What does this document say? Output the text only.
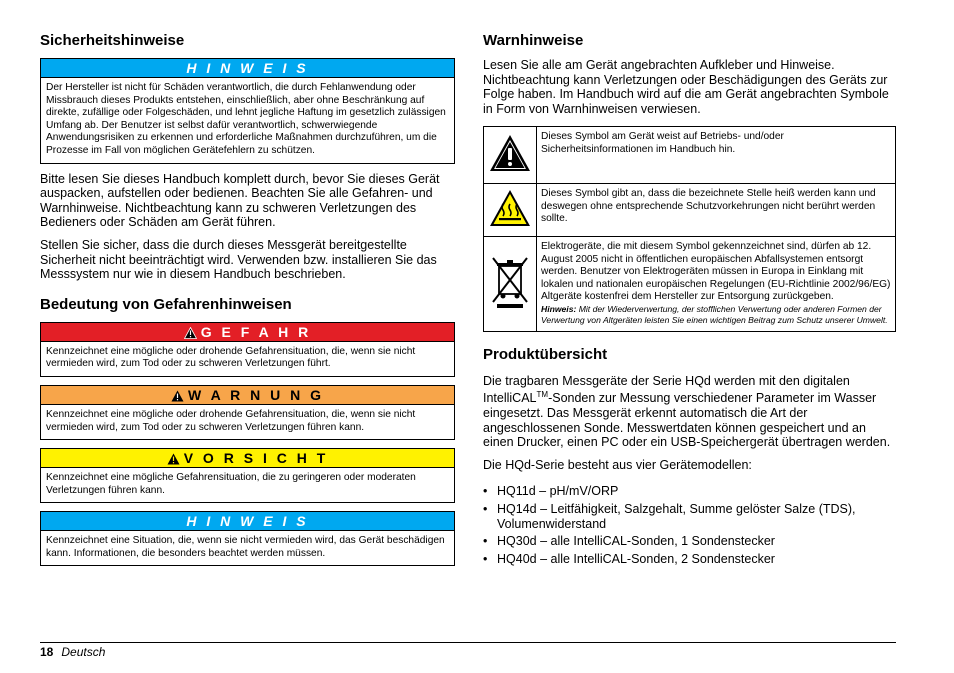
Sicherheitshinweise
H I N W E I S
Der Hersteller ist nicht für Schäden verantwortlich, die durch Fehlanwendung oder Missbrauch dieses Produkts entstehen, einschließlich, aber ohne Beschränkung auf direkte, zufällige oder Folgeschäden, und lehnt jegliche Haftung im gesetzlich zulässigen Umfang ab. Der Benutzer ist selbst dafür verantwortlich, schwerwiegende Anwendungsrisiken zu erkennen und erforderliche Maßnahmen durchzuführen, um die Prozesse im Fall von möglichen Gerätefehlern zu schützen.

Bitte lesen Sie dieses Handbuch komplett durch, bevor Sie dieses Gerät auspacken, aufstellen oder bedienen. Beachten Sie alle Gefahren- und Warnhinweise. Nichtbeachtung kann zu schweren Verletzungen des Bedieners oder Schäden am Gerät führen.

Stellen Sie sicher, dass die durch dieses Messgerät bereitgestellte Sicherheit nicht beeinträchtigt wird. Verwenden bzw. installieren Sie das Messsystem nur wie in diesem Handbuch beschrieben.

Bedeutung von Gefahrenhinweisen
G E F A H R
Kennzeichnet eine mögliche oder drohende Gefahrensituation, die, wenn sie nicht vermieden wird, zum Tod oder zu schweren Verletzungen führt.
W A R N U N G
Kennzeichnet eine mögliche oder drohende Gefahrensituation, die, wenn sie nicht vermieden wird, zum Tod oder zu schweren Verletzungen führen kann.
V O R S I C H T
Kennzeichnet eine mögliche Gefahrensituation, die zu geringeren oder moderaten Verletzungen führen kann.
H I N W E I S
Kennzeichnet eine Situation, die, wenn sie nicht vermieden wird, das Gerät beschädigen kann. Informationen, die besonders beachtet werden müssen.
Warnhinweise

Lesen Sie alle am Gerät angebrachten Aufkleber und Hinweise. Nichtbeachtung kann Verletzungen oder Beschädigungen des Geräts zur Folge haben. Im Handbuch wird auf die am Gerät angebrachten Symbole in Form von Warnhinweisen verwiesen.

	Dieses Symbol am Gerät weist auf Betriebs- und/oder Sicherheitsinformationen im Handbuch hin.
	Dieses Symbol gibt an, dass die bezeichnete Stelle heiß werden kann und deswegen ohne entsprechende Schutzvorkehrungen nicht berührt werden sollte.

Elektrogeräte, die mit diesem Symbol gekennzeichnet sind, dürfen ab 12. August 2005 nicht in öffentlichen europäischen Abfallsystemen entsorgt werden. Benutzer von Elektrogeräten müssen in Europa in Einklang mit lokalen und nationalen europäischen Regelungen (EU-Richtlinie 2002/96/EG) Altgeräte kostenfrei dem Hersteller zur Entsorgung zurückgeben.
Hinweis: Mit der Wiederverwertung, der stofflichen Verwertung oder anderen Formen der Verwertung von Altgeräten leisten Sie einen wichtigen Beitrag zum Schutz unserer Umwelt.
Produktübersicht

Die tragbaren Messgeräte der Serie HQd werden mit den digitalen IntelliCAL™-Sonden zur Messung verschiedener Parameter im Wasser eingesetzt. Das Messgerät erkennt automatisch die Art der angeschlossenen Sonde. Messwertdaten können gespeichert und an einen Drucker, einen PC oder ein USB-Speichergerät übertragen werden.

Die HQd-Serie besteht aus vier Gerätemodellen:

• HQ11d – pH/mV/ORP
• HQ14d – Leitfähigkeit, Salzgehalt, Summe gelöster Salze (TDS), Volumenwiderstand
• HQ30d – alle IntelliCAL-Sonden, 1 Sondenstecker
• HQ40d – alle IntelliCAL-Sonden, 2 Sondenstecker
18 Deutsch
